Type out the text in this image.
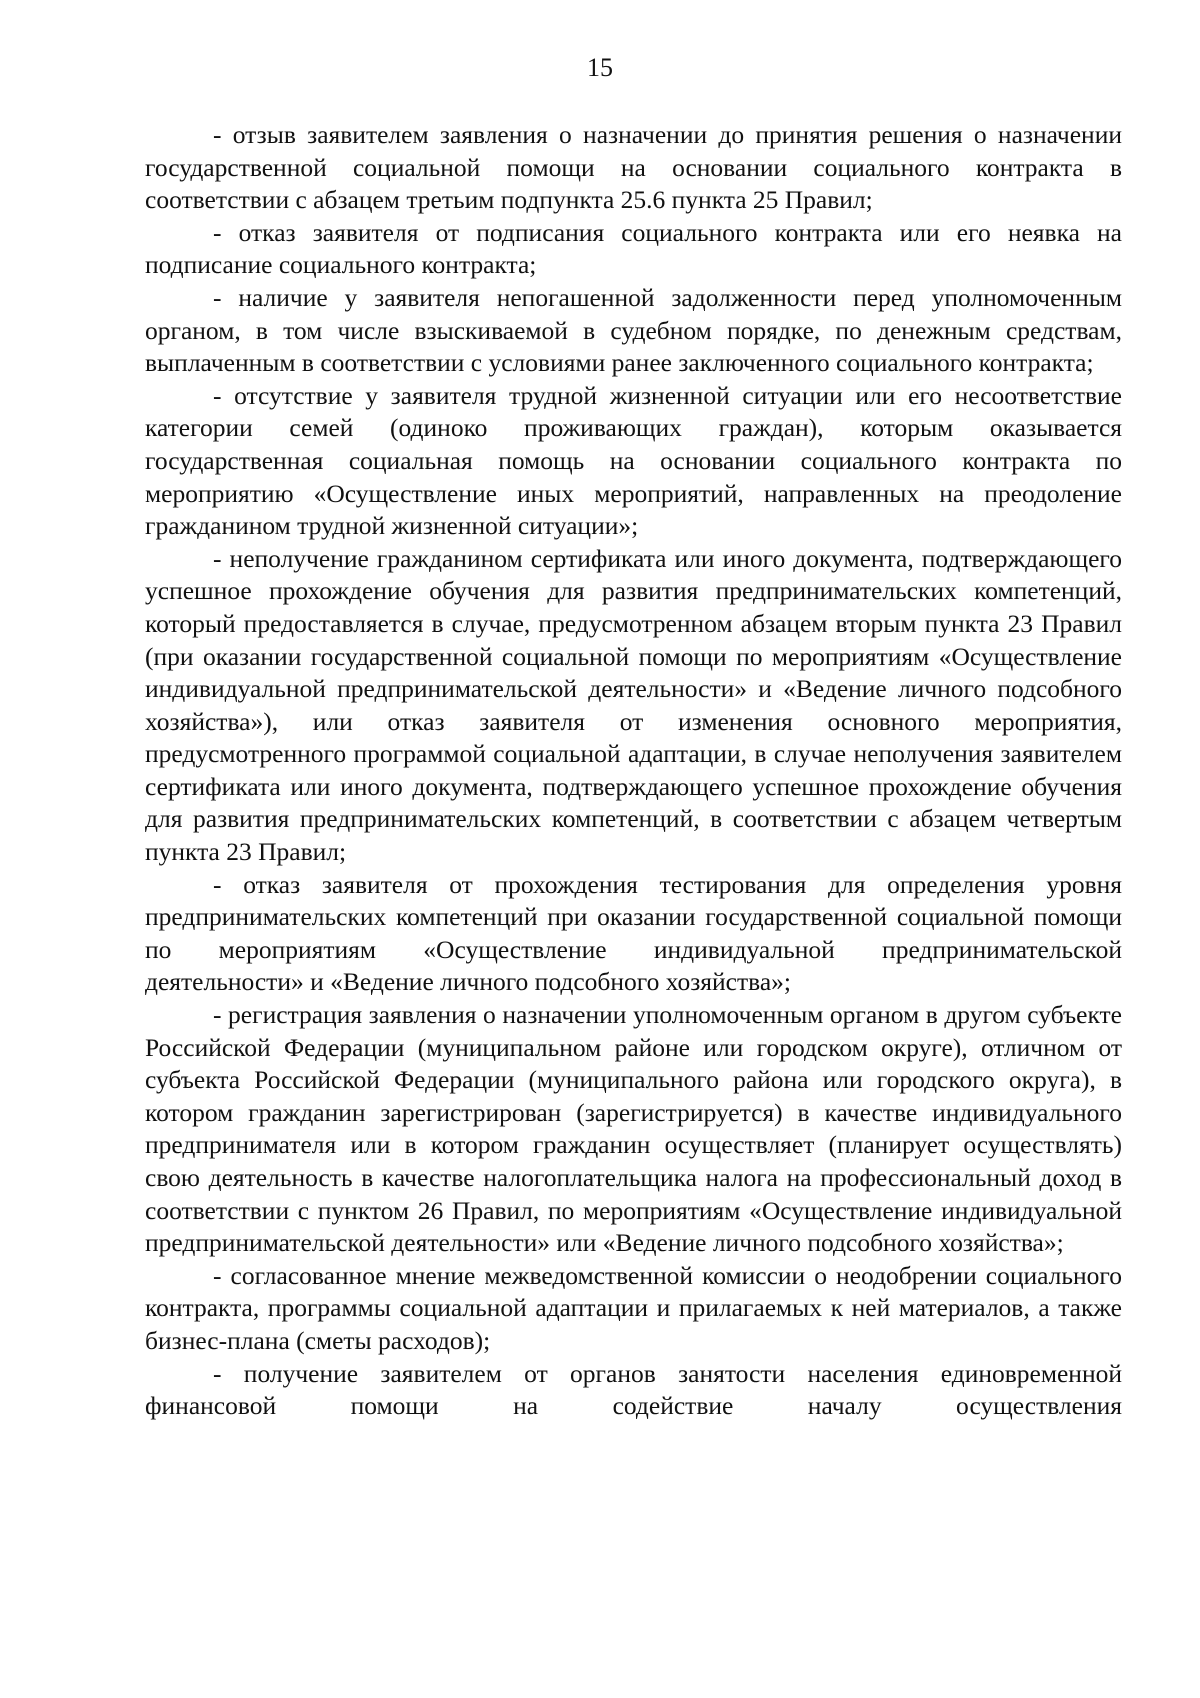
15

- отзыв заявителем заявления о назначении до принятия решения о назначении государственной социальной помощи на основании социального контракта в соответствии с абзацем третьим подпункта 25.6 пункта 25 Правил;

- отказ заявителя от подписания социального контракта или его неявка на подписание социального контракта;

- наличие у заявителя непогашенной задолженности перед уполномоченным органом, в том числе взыскиваемой в судебном порядке, по денежным средствам, выплаченным в соответствии с условиями ранее заключенного социального контракта;

- отсутствие у заявителя трудной жизненной ситуации или его несоответствие категории семей (одиноко проживающих граждан), которым оказывается государственная социальная помощь на основании социального контракта по мероприятию «Осуществление иных мероприятий, направленных на преодоление гражданином трудной жизненной ситуации»;

- неполучение гражданином сертификата или иного документа, подтверждающего успешное прохождение обучения для развития предпринимательских компетенций, который предоставляется в случае, предусмотренном абзацем вторым пункта 23 Правил (при оказании государственной социальной помощи по мероприятиям «Осуществление индивидуальной предпринимательской деятельности» и «Ведение личного подсобного хозяйства»), или отказ заявителя от изменения основного мероприятия, предусмотренного программой социальной адаптации, в случае неполучения заявителем сертификата или иного документа, подтверждающего успешное прохождение обучения для развития предпринимательских компетенций, в соответствии с абзацем четвертым пункта 23 Правил;

- отказ заявителя от прохождения тестирования для определения уровня предпринимательских компетенций при оказании государственной социальной помощи по мероприятиям «Осуществление индивидуальной предпринимательской деятельности» и «Ведение личного подсобного хозяйства»;

- регистрация заявления о назначении уполномоченным органом в другом субъекте Российской Федерации (муниципальном районе или городском округе), отличном от субъекта Российской Федерации (муниципального района или городского округа), в котором гражданин зарегистрирован (зарегистрируется) в качестве индивидуального предпринимателя или в котором гражданин осуществляет (планирует осуществлять) свою деятельность в качестве налогоплательщика налога на профессиональный доход в соответствии с пунктом 26 Правил, по мероприятиям «Осуществление индивидуальной предпринимательской деятельности» или «Ведение личного подсобного хозяйства»;

- согласованное мнение межведомственной комиссии о неодобрении социального контракта, программы социальной адаптации и прилагаемых к ней материалов, а также бизнес-плана (сметы расходов);

- получение заявителем от органов занятости населения единовременной финансовой помощи на содействие началу осуществления
